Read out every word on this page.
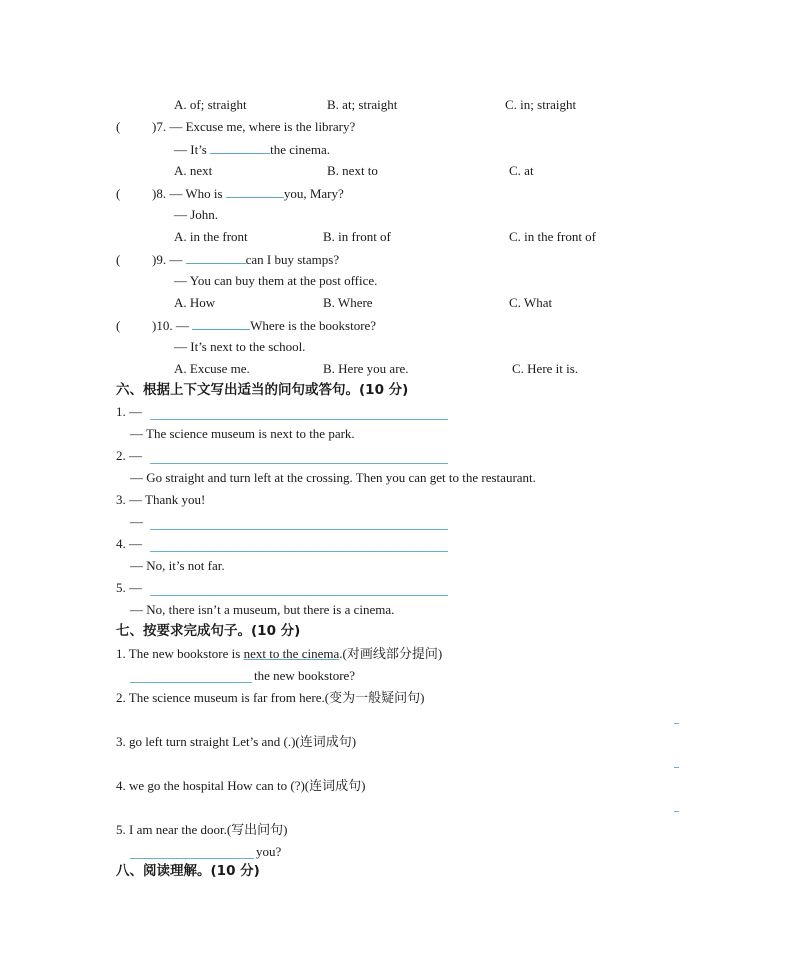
A. of; straight	B. at; straight	C. in; straight
( )7. — Excuse me, where is the library?
— It’s	the cinema.
A. next	B. next to	C. at
( )8. — Who is	you, Mary?
— John.
A. in the front	B. in front of	C. in the front of
( )9. —	can I buy stamps?
— You can buy them at the post office.
A. How	B. Where	C. What
( )10. —	Where is the bookstore?
— It’s next to the school.
A. Excuse me.	B. Here you are.	C. Here it is.
六、根据上下文写出适当的问句或答句。(10 分)
1. —
— The science museum is next to the park.
2. —
— Go straight and turn left at the crossing. Then you can get to the restaurant.
3. — Thank you!
—
4. —
— No, it’s not far.
5. —
— No, there isn’t a museum, but there is a cinema.
七、按要求完成句子。(10 分)
1. The new bookstore is next to the cinema.(对画线部分提问)
the new bookstore?
2. The science museum is far from here.(变为一般疑问句)
3. go left turn straight Let’s and (.)(连词成句)
4. we go the hospital How can to (?)(连词成句)
5. I am near the door.(写出问句)
you?
八、阅读理解。(10 分)
